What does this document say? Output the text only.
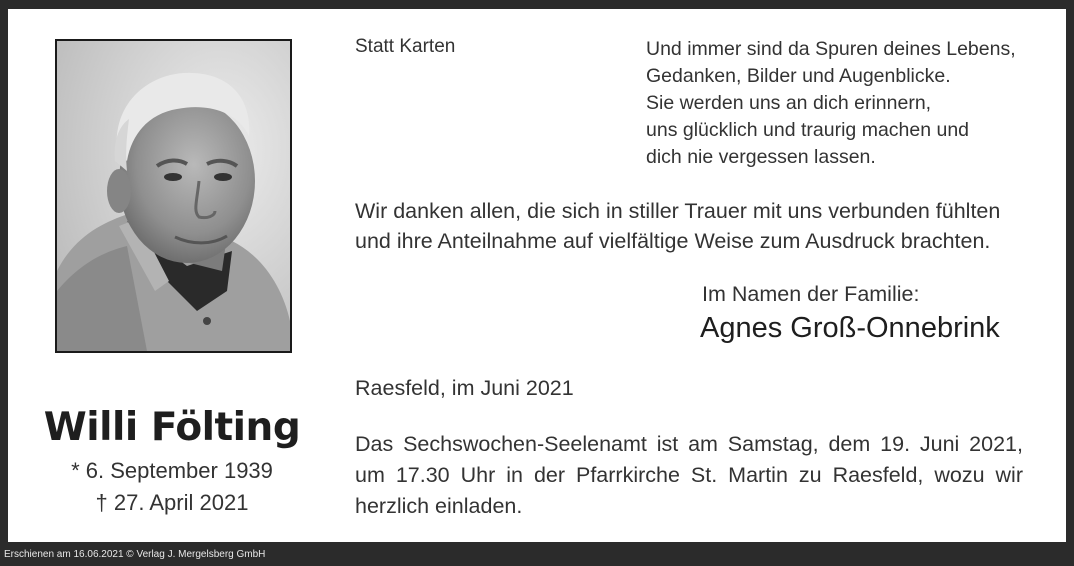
Willi Fölting
* 6. September 1939
† 27. April 2021
Statt Karten	Und immer sind da Spuren deines Lebens,
Gedanken, Bilder und Augenblicke.
Sie werden uns an dich erinnern,
uns glücklich und traurig machen und
dich nie vergessen lassen.
Wir danken allen, die sich in stiller Trauer mit uns verbunden fühlten
und ihre Anteilnahme auf vielfältige Weise zum Ausdruck brachten.
Im Namen der Familie:
Agnes Groß-Onnebrink
Raesfeld, im Juni 2021
Das Sechswochen-Seelenamt ist am Samstag, dem 19. Juni 2021,
um 17.30 Uhr in der Pfarrkirche St. Martin zu Raesfeld, wozu wir
herzlich einladen.
Erschienen am 16.06.2021 © Verlag J. Mergelsberg GmbH
